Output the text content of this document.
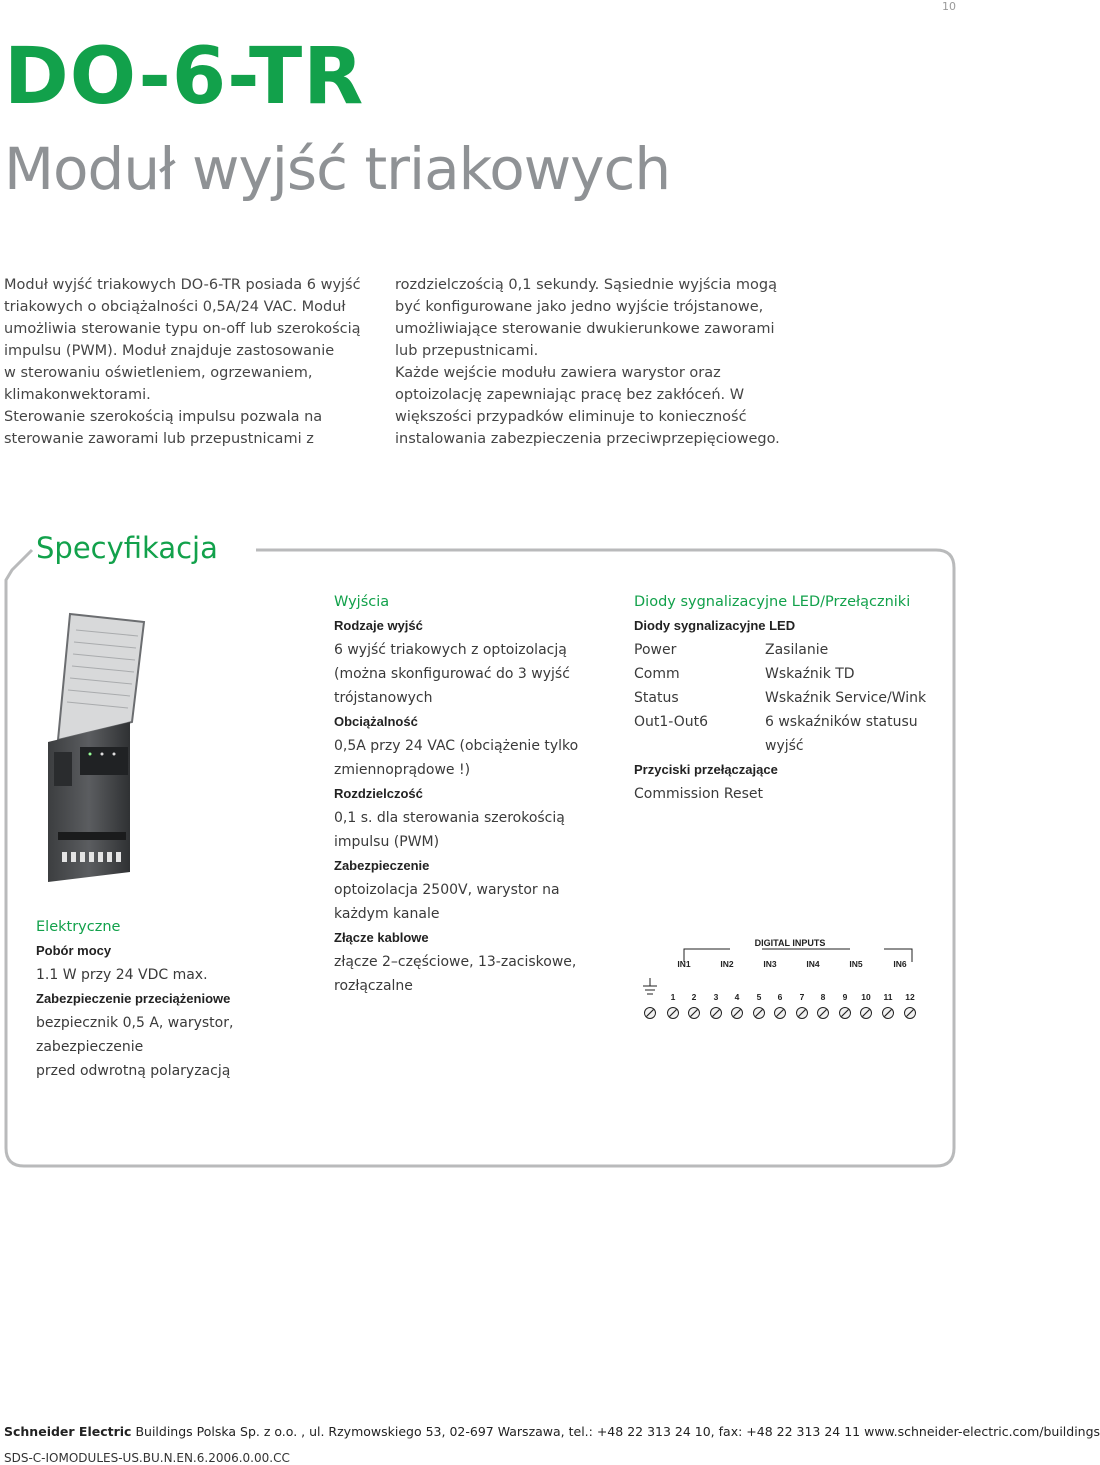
10
DO-6-TR
Moduł wyjść triakowych

Moduł wyjść triakowych DO-6-TR posiada 6 wyjść
triakowych o obciążalności 0,5A/24 VAC. Moduł
umożliwia sterowanie typu on-off lub szerokością
impulsu (PWM). Moduł znajduje zastosowanie
w sterowaniu oświetleniem, ogrzewaniem,
klimakonwektorami.
Sterowanie szerokością impulsu pozwala na
sterowanie zaworami lub przepustnicami z

rozdzielczością 0,1 sekundy. Sąsiednie wyjścia mogą
być konfigurowane jako jedno wyjście trójstanowe,
umożliwiające sterowanie dwukierunkowe zaworami
lub przepustnicami.
Każde wejście modułu zawiera warystor oraz
optoizolację zapewniając pracę bez zakłóceń. W
większości przypadków eliminuje to konieczność
instalowania zabezpieczenia przeciwprzepięciowego.

Specyfikacja
Elektryczne
Pobór mocy
1.1 W przy 24 VDC max.
Zabezpieczenie przeciążeniowe
bezpiecznik 0,5 A, warystor, zabezpieczenie
przed odwrotną polaryzacją
Wyjścia
Rodzaje wyjść
6 wyjść triakowych z optoizolacją
(można skonfigurować do 3 wyjść
trójstanowych
Obciążalność
0,5A przy 24 VAC (obciążenie tylko
zmiennoprądowe !)
Rozdzielczość
0,1 s. dla sterowania szerokością
impulsu (PWM)
Zabezpieczenie
optoizolacja 2500V, warystor na
każdym kanale
Złącze kablowe
złącze 2–częściowe, 13-zaciskowe,
rozłączalne
Diody sygnalizacyjne LED/Przełączniki
Diody sygnalizacyjne LED
Power	Zasilanie
Comm	Wskaźnik TD
Status	Wskaźnik Service/Wink
Out1-Out6	6 wskaźników statusu
wyjść
Przyciski przełączające
Commission Reset
DIGITAL INPUTS
IN1	IN2	IN3	IN4	IN5	IN6
1 2 3 4 5 6 7 8 9 10 11 12
Schneider Electric Buildings Polska Sp. z o.o. , ul. Rzymowskiego 53, 02-697 Warszawa, tel.: +48 22 313 24 10, fax: +48 22 313 24 11 www.schneider-electric.com/buildings
SDS-C-IOMODULES-US.BU.N.EN.6.2006.0.00.CC
